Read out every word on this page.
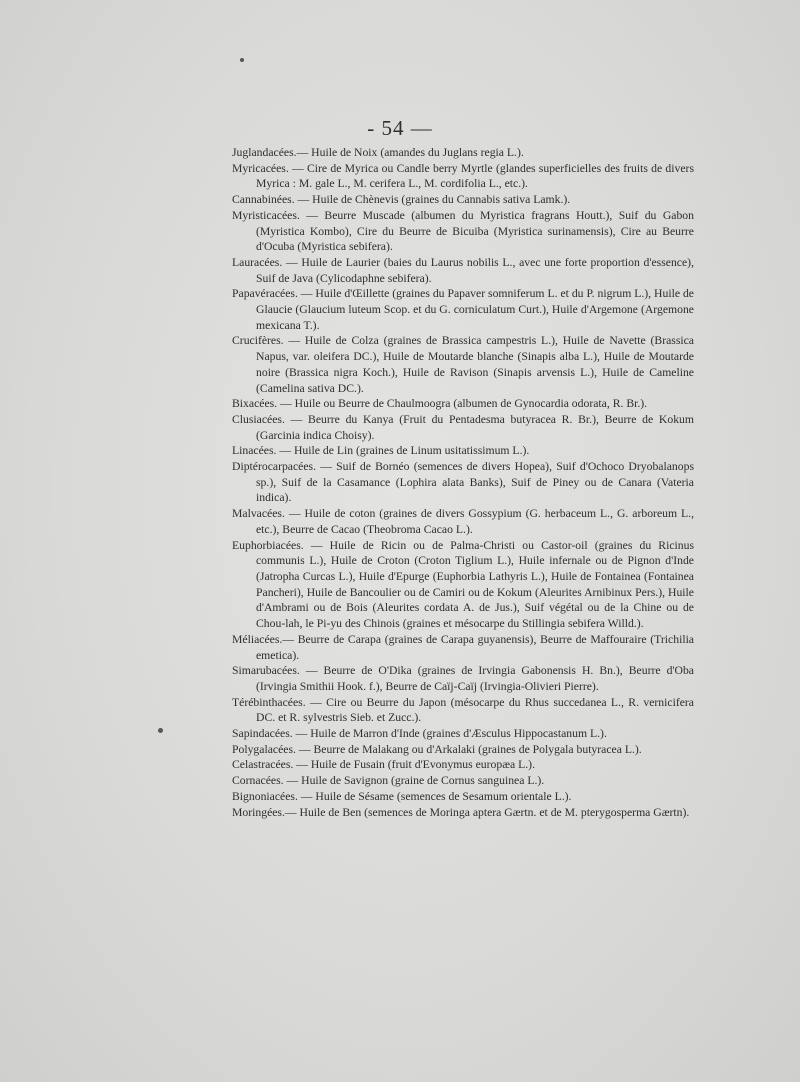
- 54 —

Juglandacées.— Huile de Noix (amandes du Juglans regia L.).

Myricacées. — Cire de Myrica ou Candle berry Myrtle (glandes superficielles des fruits de divers Myrica : M. gale L., M. cerifera L., M. cordifolia L., etc.).

Cannabinées. — Huile de Chènevis (graines du Cannabis sativa Lamk.).

Myristicacées. — Beurre Muscade (albumen du Myristica fragrans Houtt.), Suif du Gabon (Myristica Kombo), Cire du Beurre de Bicuiba (Myristica surinamensis), Cire au Beurre d'Ocuba (Myristica sebifera).

Lauracées. — Huile de Laurier (baies du Laurus nobilis L., avec une forte proportion d'essence), Suif de Java (Cylicodaphne sebifera).

Papavéracées. — Huile d'Œillette (graines du Papaver somniferum L. et du P. nigrum L.), Huile de Glaucie (Glaucium luteum Scop. et du G. corniculatum Curt.), Huile d'Argemone (Argemone mexicana T.).

Crucifères. — Huile de Colza (graines de Brassica campestris L.), Huile de Navette (Brassica Napus, var. oleifera DC.), Huile de Moutarde blanche (Sinapis alba L.), Huile de Moutarde noire (Brassica nigra Koch.), Huile de Ravison (Sinapis arvensis L.), Huile de Cameline (Camelina sativa DC.).

Bixacées. — Huile ou Beurre de Chaulmoogra (albumen de Gynocardia odorata, R. Br.).

Clusiacées. — Beurre du Kanya (Fruit du Pentadesma butyracea R. Br.), Beurre de Kokum (Garcinia indica Choisy).

Linacées. — Huile de Lin (graines de Linum usitatissimum L.).

Diptérocarpacées. — Suif de Bornéo (semences de divers Hopea), Suif d'Ochoco Dryobalanops sp.), Suif de la Casamance (Lophira alata Banks), Suif de Piney ou de Canara (Vateria indica).

Malvacées. — Huile de coton (graines de divers Gossypium (G. herbaceum L., G. arboreum L., etc.), Beurre de Cacao (Theobroma Cacao L.).

Euphorbiacées. — Huile de Ricin ou de Palma-Christi ou Castor-oil (graines du Ricinus communis L.), Huile de Croton (Croton Tiglium L.), Huile infernale ou de Pignon d'Inde (Jatropha Curcas L.), Huile d'Epurge (Euphorbia Lathyris L.), Huile de Fontainea (Fontainea Pancheri), Huile de Bancoulier ou de Camiri ou de Kokum (Aleurites Arnibinux Pers.), Huile d'Ambrami ou de Bois (Aleurites cordata A. de Jus.), Suif végétal ou de la Chine ou de Chou-lah, le Pi-yu des Chinois (graines et mésocarpe du Stillingia sebifera Willd.).

Méliacées.— Beurre de Carapa (graines de Carapa guyanensis), Beurre de Maffouraire (Trichilia emetica).

Simarubacées. — Beurre de O'Dika (graines de Irvingia Gabonensis H. Bn.), Beurre d'Oba (Irvingia Smithii Hook. f.), Beurre de Caïj-Caïj (Irvingia-Olivieri Pierre).

Térébinthacées. — Cire ou Beurre du Japon (mésocarpe du Rhus succedanea L., R. vernicifera DC. et R. sylvestris Sieb. et Zucc.).

Sapindacées. — Huile de Marron d'Inde (graines d'Æsculus Hippocastanum L.).

Polygalacées. — Beurre de Malakang ou d'Arkalaki (graines de Polygala butyracea L.).

Celastracées. — Huile de Fusain (fruit d'Evonymus europæa L.).

Cornacées. — Huile de Savignon (graine de Cornus sanguinea L.).

Bignoniacées. — Huile de Sésame (semences de Sesamum orientale L.).

Moringées.— Huile de Ben (semences de Moringa aptera Gærtn. et de M. pterygosperma Gærtn).
